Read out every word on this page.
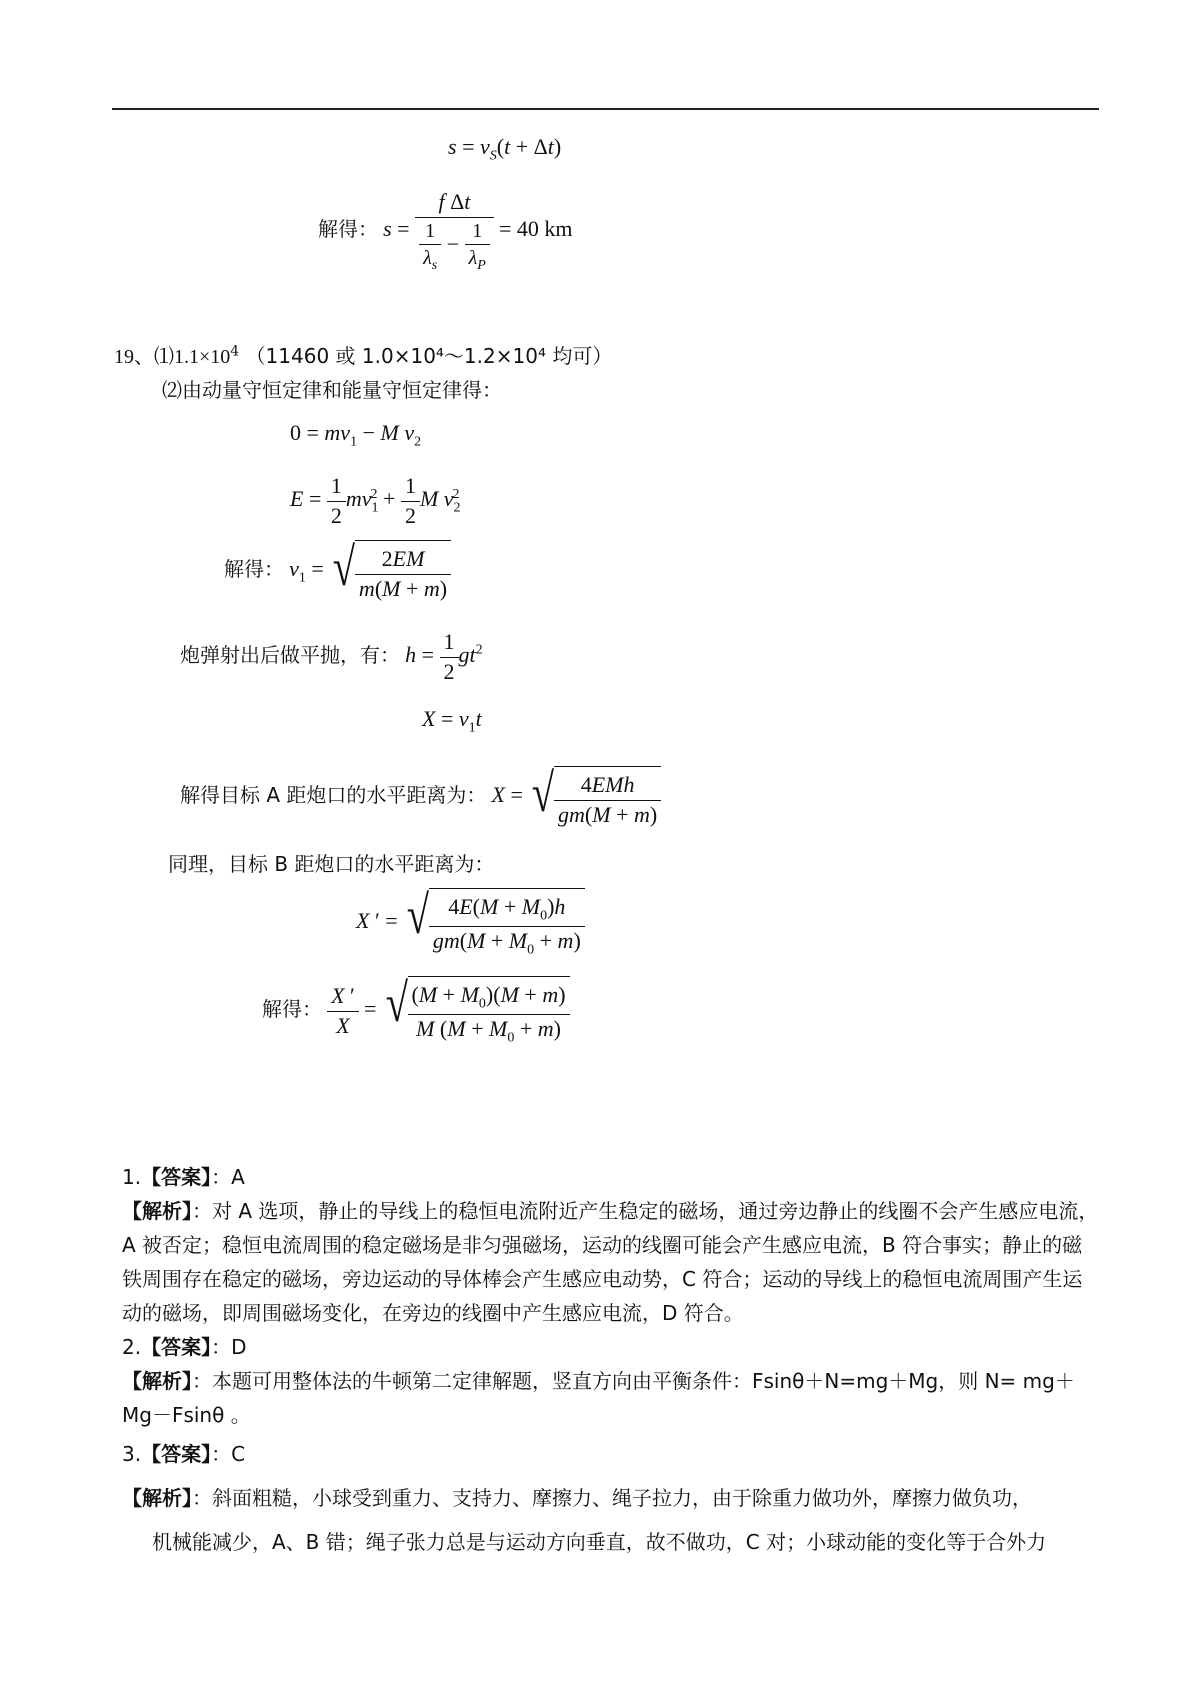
$s = v_S(t + \Delta t)$
解得： $s = \frac{\text{f Δt}}{\frac{1}{\lambda_s} - \frac{1}{\lambda_P}} = 40$ km
19、$⑴1.1\times 10^4$ （11460 或 1.0×10⁴～1.2×10⁴ 均可）
⑵由动量守恒定律和能量守恒定律得：
$0 = mv_1 - M$ $v_2$
$E = \frac{1}{2} mv_1^2 + \frac{1}{2}$ M $v_2^2$
解得： $v_1$ = √ $\frac{2EM}{m(M + m)}$
炮弹射出后做平抛，有： $h = \frac{1}{2} gt^2$
$X = v_1t$
解得目标 A 距炮口的水平距离为： X = √ $\frac{\text{4EMh}}{gm(M + m)}$
同理，目标 B 距炮口的水平距离为：
X ′ = √ $\frac{4E(M + M_0)h}{gm(M + M_0 + m)}$
解得： $\frac{X '}{X}$ = √ $\frac{(M + M_0)(M + m)}{M (M + M_0 + m)}$
1.【答案】：A
【解析】：对 A 选项，静止的导线上的稳恒电流附近产生稳定的磁场，通过旁边静止的线圈不会产生感应电流，A 被否定；稳恒电流周围的稳定磁场是非匀强磁场，运动的线圈可能会产生感应电流，B 符合事实；静止的磁铁周围存在稳定的磁场，旁边运动的导体棒会产生感应电动势，C 符合；运动的导线上的稳恒电流周围产生运动的磁场，即周围磁场变化，在旁边的线圈中产生感应电流，D 符合。
2.【答案】：D
【解析】：本题可用整体法的牛顿第二定律解题，竖直方向由平衡条件：Fsinθ＋N=mg＋Mg，则 N= mg＋Mg－Fsinθ 。
3.【答案】：C
【解析】：斜面粗糙，小球受到重力、支持力、摩擦力、绳子拉力，由于除重力做功外，摩擦力做负功，
机械能减少，A、B 错；绳子张力总是与运动方向垂直，故不做功，C 对；小球动能的变化等于合外力
